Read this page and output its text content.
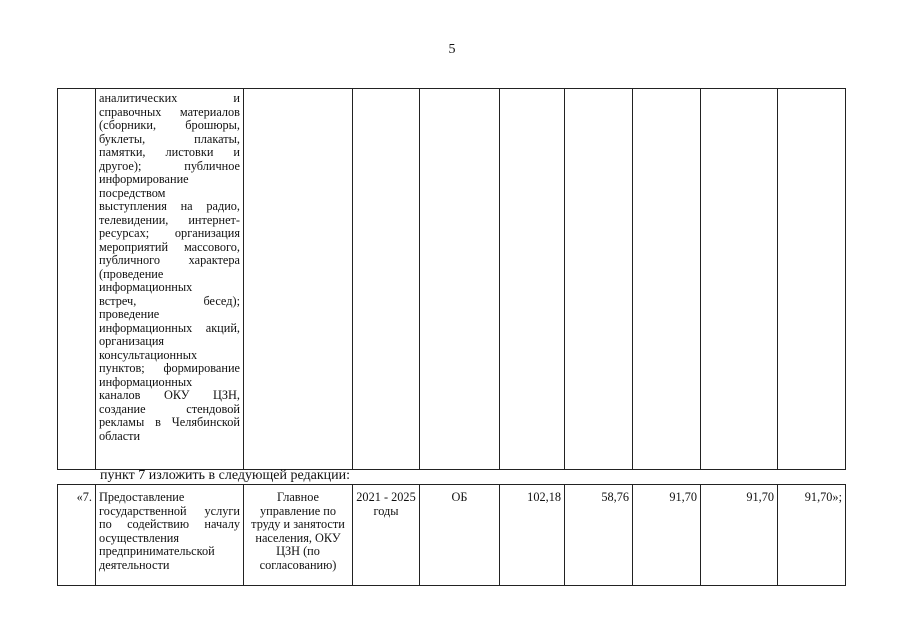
5

аналитических и
справочных материалов
(сборники, брошюры,
буклеты, плакаты,
памятки, листовки и
другое); публичное
информирование
посредством
выступления на радио,
телевидении, интернет-
ресурсах; организация
мероприятий массового,
публичного характера
(проведение
информационных
встреч, бесед);
проведение
информационных акций,
организация
консультационных
пунктов; формирование
информационных
каналов ОКУ ЦЗН,
создание стендовой
рекламы в Челябинской
области

пункт 7 изложить в следующей редакции:
«7.	Предоставление государственной услуги по содействию началу осуществления предпринимательской деятельности	Главное управление по труду и занятости населения, ОКУ ЦЗН (по согласованию)	2021 - 2025 годы	ОБ	102,18	58,76	91,70	91,70	91,70»;
